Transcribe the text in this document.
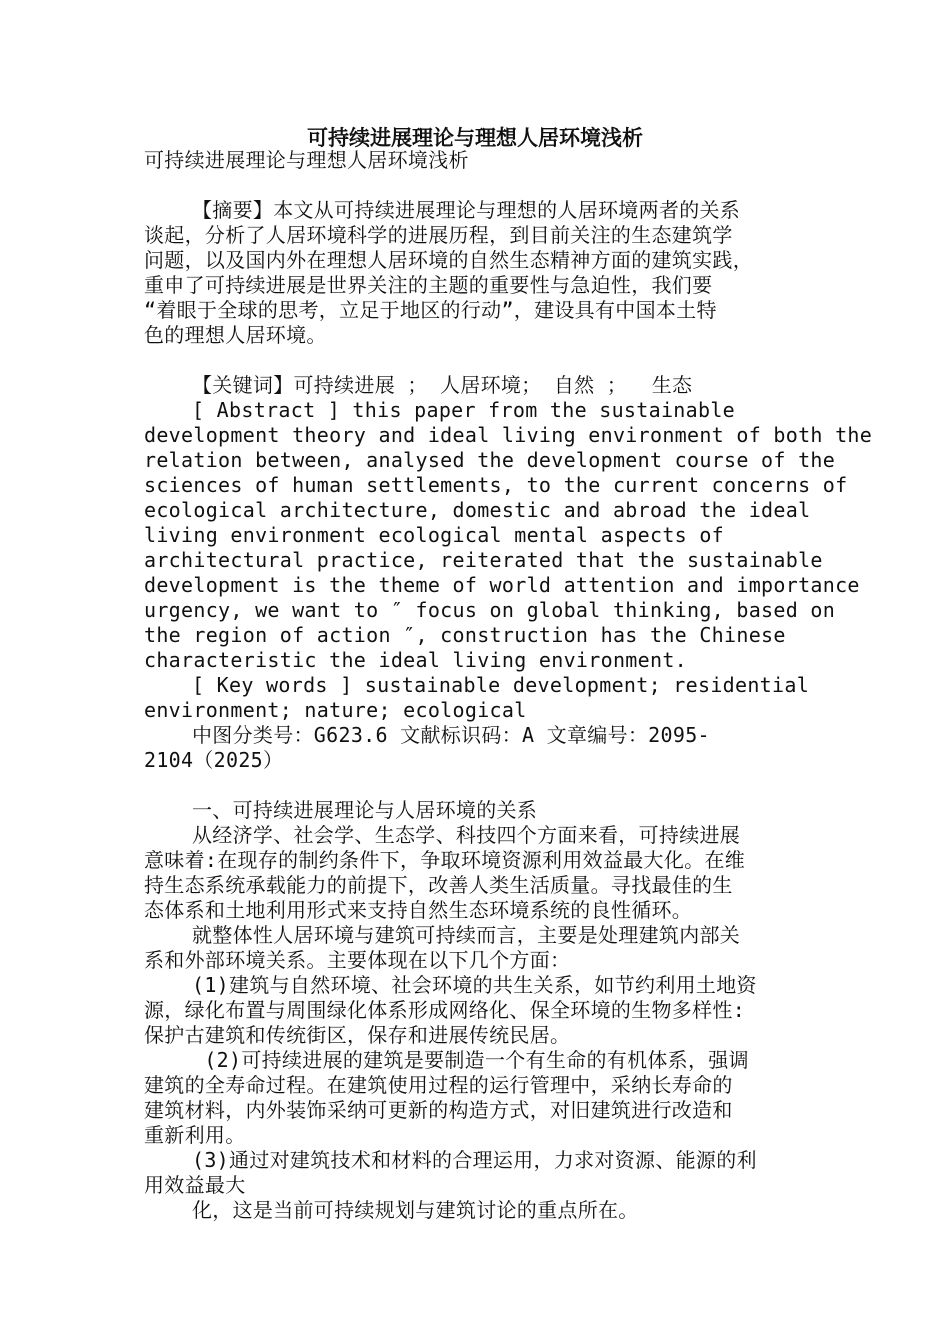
可持续进展理论与理想人居环境浅析
可持续进展理论与理想人居环境浅析
【摘要】本文从可持续进展理论与理想的人居环境两者的关系
谈起，分析了人居环境科学的进展历程，到目前关注的生态建筑学
问题，以及国内外在理想人居环境的自然生态精神方面的建筑实践，
重申了可持续进展是世界关注的主题的重要性与急迫性，我们要
“着眼于全球的思考，立足于地区的行动”，建设具有中国本土特
色的理想人居环境。
【关键词】可持续进展 ； 人居环境； 自然 ；  生态
[ Abstract ] this paper from the sustainable
development theory and ideal living environment of both the
relation between, analysed the development course of the
sciences of human settlements, to the current concerns of
ecological architecture, domestic and abroad the ideal
living environment ecological mental aspects of
architectural practice, reiterated that the sustainable
development is the theme of world attention and importance
urgency, we want to ″ focus on global thinking, based on
the region of action ″, construction has the Chinese
characteristic the ideal living environment.
[ Key words ] sustainable development; residential
environment; nature; ecological
中图分类号：G623.6 文献标识码：A 文章编号：2095-
2104（2025）
一、可持续进展理论与人居环境的关系
从经济学、社会学、生态学、科技四个方面来看，可持续进展
意味着:在现存的制约条件下，争取环境资源利用效益最大化。在维
持生态系统承载能力的前提下，改善人类生活质量。寻找最佳的生
态体系和土地利用形式来支持自然生态环境系统的良性循环。
就整体性人居环境与建筑可持续而言，主要是处理建筑内部关
系和外部环境关系。主要体现在以下几个方面：
(1)建筑与自然环境、社会环境的共生关系，如节约利用土地资
源，绿化布置与周围绿化体系形成网络化、保全环境的生物多样性:
保护古建筑和传统街区，保存和进展传统民居。
(2)可持续进展的建筑是要制造一个有生命的有机体系，强调
建筑的全寿命过程。在建筑使用过程的运行管理中，采纳长寿命的
建筑材料，内外装饰采纳可更新的构造方式，对旧建筑进行改造和
重新利用。
(3)通过对建筑技术和材料的合理运用，力求对资源、能源的利
用效益最大
化，这是当前可持续规划与建筑讨论的重点所在。
